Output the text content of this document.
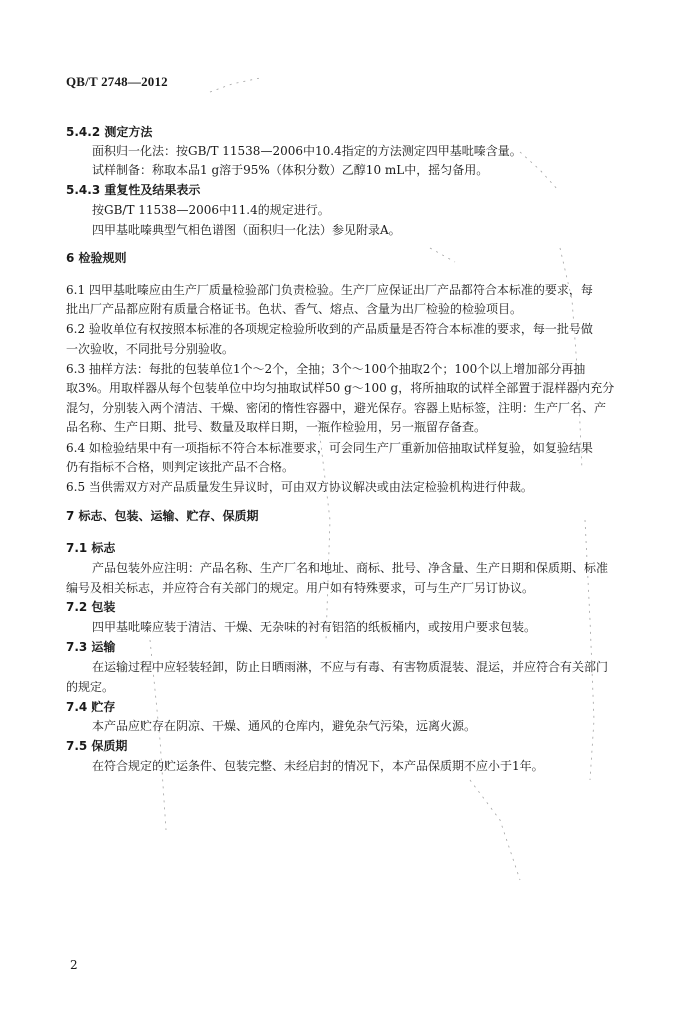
QB/T 2748—2012
5.4.2 测定方法
面积归一化法：按GB/T 11538—2006中10.4指定的方法测定四甲基吡嗪含量。
试样制备：称取本品1 g溶于95%（体积分数）乙醇10 mL中，摇匀备用。
5.4.3 重复性及结果表示
按GB/T 11538—2006中11.4的规定进行。
四甲基吡嗪典型气相色谱图（面积归一化法）参见附录A。
6 检验规则
6.1 四甲基吡嗪应由生产厂质量检验部门负责检验。生产厂应保证出厂产品都符合本标准的要求，每
批出厂产品都应附有质量合格证书。色状、香气、熔点、含量为出厂检验的检验项目。
6.2 验收单位有权按照本标准的各项规定检验所收到的产品质量是否符合本标准的要求，每一批号做
一次验收，不同批号分别验收。
6.3 抽样方法：每批的包装单位1个～2个，全抽；3个～100个抽取2个；100个以上增加部分再抽
取3%。用取样器从每个包装单位中均匀抽取试样50 g～100 g，将所抽取的试样全部置于混样器内充分
混匀，分别装入两个清洁、干燥、密闭的惰性容器中，避光保存。容器上贴标签，注明：生产厂名、产
品名称、生产日期、批号、数量及取样日期，一瓶作检验用，另一瓶留存备查。
6.4 如检验结果中有一项指标不符合本标准要求，可会同生产厂重新加倍抽取试样复验，如复验结果
仍有指标不合格，则判定该批产品不合格。
6.5 当供需双方对产品质量发生异议时，可由双方协议解决或由法定检验机构进行仲裁。
7 标志、包装、运输、贮存、保质期
7.1 标志
产品包装外应注明：产品名称、生产厂名和地址、商标、批号、净含量、生产日期和保质期、标准
编号及相关标志，并应符合有关部门的规定。用户如有特殊要求，可与生产厂另订协议。
7.2 包装
四甲基吡嗪应装于清洁、干燥、无杂味的衬有铝箔的纸板桶内，或按用户要求包装。
7.3 运输
在运输过程中应轻装轻卸，防止日晒雨淋，不应与有毒、有害物质混装、混运，并应符合有关部门
的规定。
7.4 贮存
本产品应贮存在阴凉、干燥、通风的仓库内，避免杂气污染，远离火源。
7.5 保质期
在符合规定的贮运条件、包装完整、未经启封的情况下，本产品保质期不应小于1年。
2
